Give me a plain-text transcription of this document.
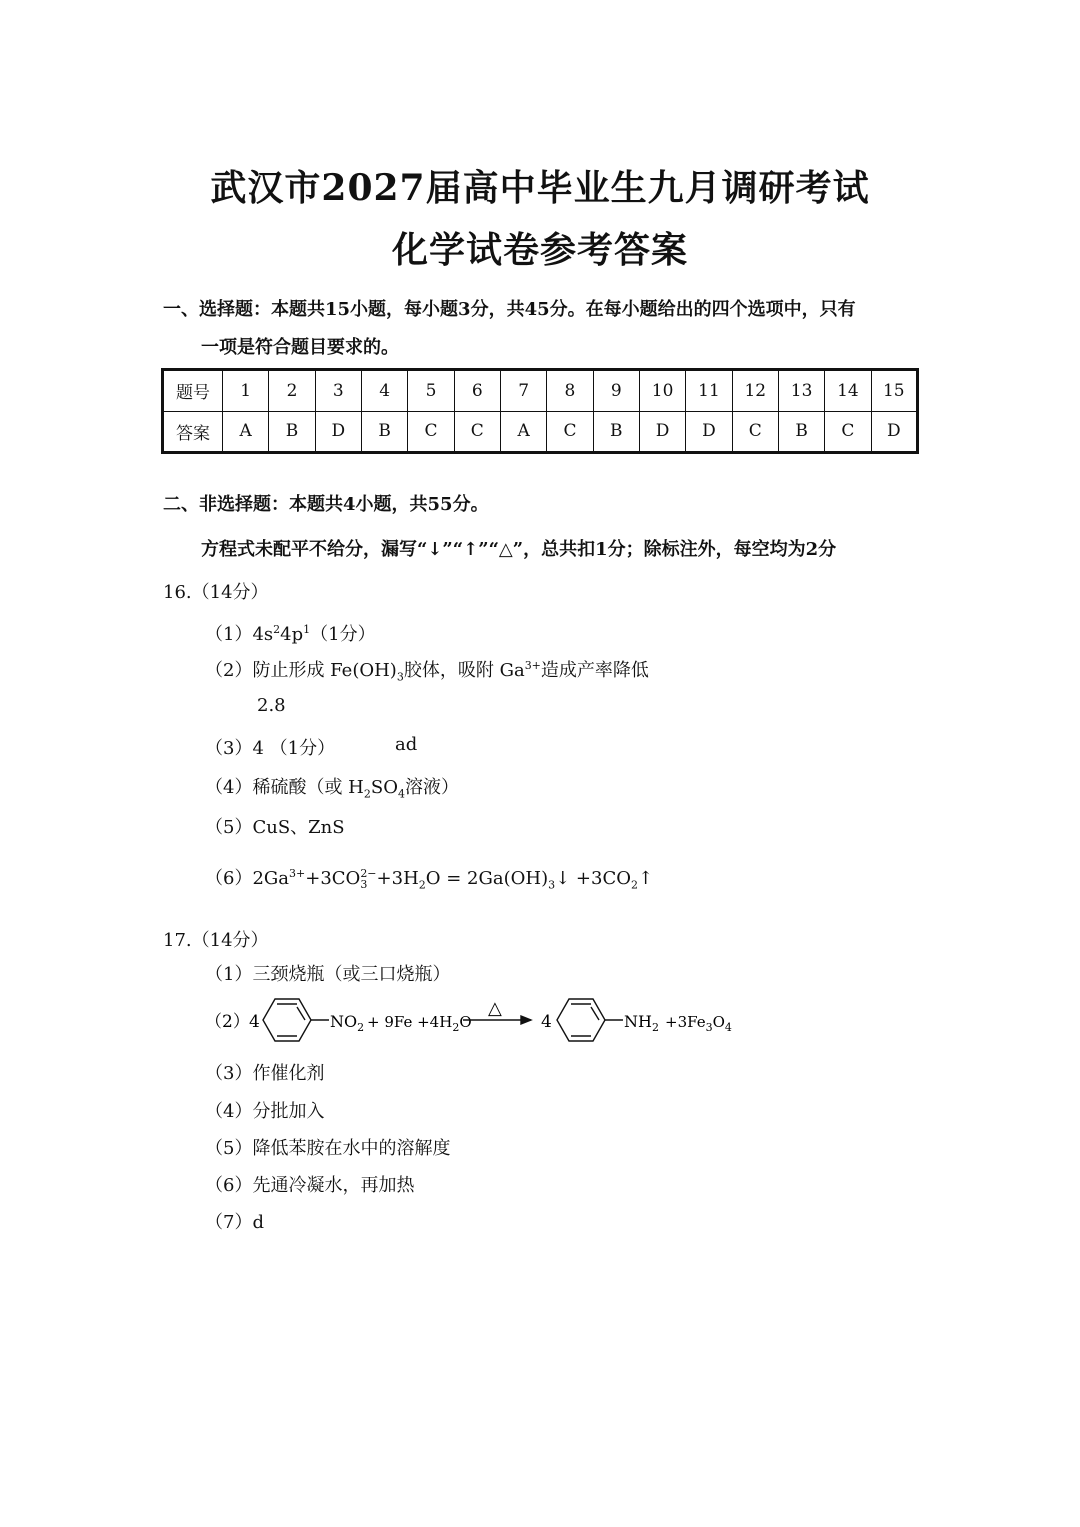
武汉市2027届高中毕业生九月调研考试
化学试卷参考答案
一、选择题：本题共15小题，每小题3分，共45分。在每小题给出的四个选项中，只有
一项是符合题目要求的。
题号	1	2	3	4	5	6	7	8	9	10	11	12	13	14	15
答案	A	B	D	B	C	C	A	C	B	D	D	C	B	C	D
二、非选择题：本题共4小题，共55分。
方程式未配平不给分，漏写“↓”“↑”“△”，总共扣1分；除标注外，每空均为2分
16.（14分）
$(1)4s^24p^1(1$分）
（2）防止形成 $Fe(OH)_3$胶体，吸附 $Ga^{3+}$造成产率降低
2.8
（3）4 （1分）	ad
（4）稀硫酸（或 $H_2SO_4$溶液）
（5）CuS、ZnS
$(6)2Ga^{3+}+3CO$ 2−
$3 +3H_2O$ = $2Ga(OH)_3↓$ $+3CO_2↑$
17.（14分）
（1）三颈烧瓶（或三口烧瓶）
（2） 4	$NO_2 + 9Fe +4H_2O$
△
4	$NH_2 +3Fe_3O_4$
（3）作催化剂
（4）分批加入
（5）降低苯胺在水中的溶解度
（6）先通冷凝水，再加热
（7）d
